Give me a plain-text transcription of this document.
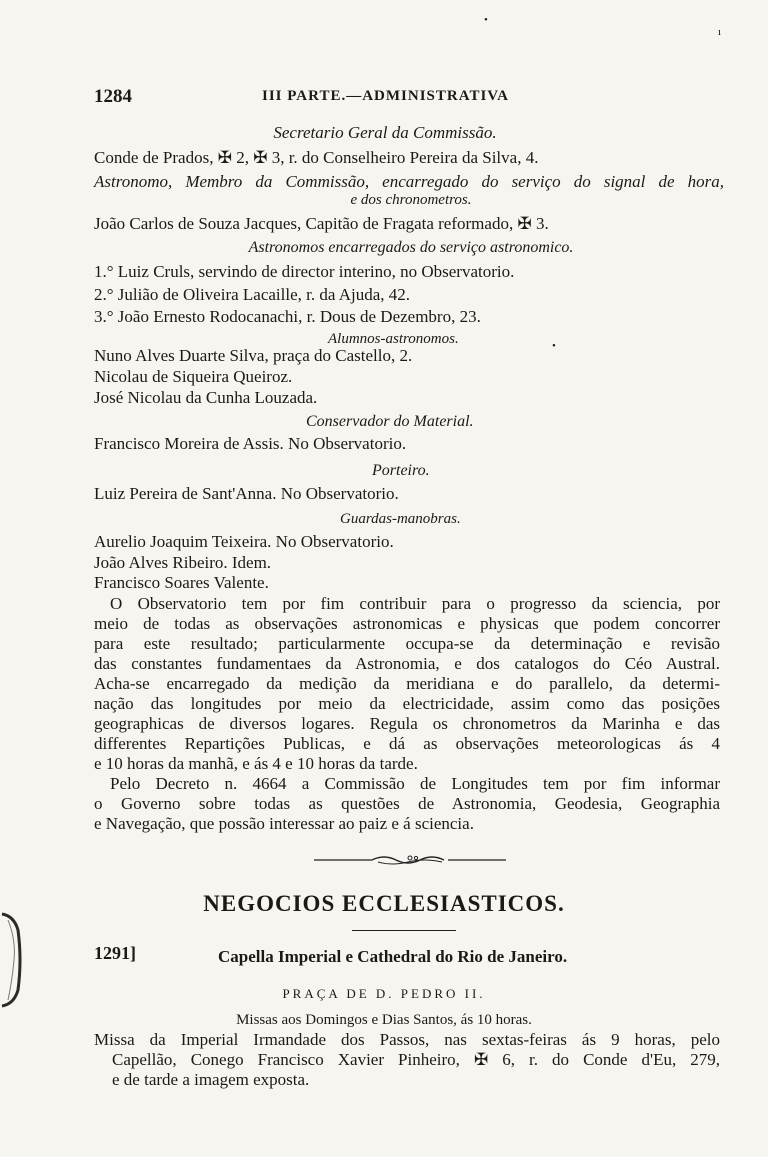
•
ı
1284	III PARTE.—ADMINISTRATIVA
Secretario Geral da Commissão.
Conde de Prados, ✠ 2, ✠ 3, r. do Conselheiro Pereira da Silva, 4.
Astronomo, Membro da Commissão, encarregado do serviço do signal de hora,
e dos chronometros.
João Carlos de Souza Jacques, Capitão de Fragata reformado, ✠ 3.
Astronomos encarregados do serviço astronomico.
1.° Luiz Cruls, servindo de director interino, no Observatorio.
2.° Julião de Oliveira Lacaille, r. da Ajuda, 42.
3.° João Ernesto Rodocanachi, r. Dous de Dezembro, 23.
Alumnos-astronomos.	•
Nuno Alves Duarte Silva, praça do Castello, 2.
Nicolau de Siqueira Queiroz.
José Nicolau da Cunha Louzada.
Conservador do Material.
Francisco Moreira de Assis. No Observatorio.
Porteiro.
Luiz Pereira de Sant'Anna. No Observatorio.
Guardas-manobras.
Aurelio Joaquim Teixeira. No Observatorio.
João Alves Ribeiro. Idem.
Francisco Soares Valente.
O Observatorio tem por fim contribuir para o progresso da sciencia, por
meio de todas as observações astronomicas e physicas que podem concorrer
para este resultado; particularmente occupa-se da determinação e revisão
das constantes fundamentaes da Astronomia, e dos catalogos do Céo Austral.
Acha-se encarregado da medição da meridiana e do parallelo, da determi-
nação das longitudes por meio da electricidade, assim como das posições
geographicas de diversos logares. Regula os chronometros da Marinha e das
differentes Repartições Publicas, e dá as observações meteorologicas ás 4
e 10 horas da manhã, e ás 4 e 10 horas da tarde.
Pelo Decreto n. 4664 a Commissão de Longitudes tem por fim informar
o Governo sobre todas as questões de Astronomia, Geodesia, Geographia
e Navegação, que possão interessar ao paiz e á sciencia.
NEGOCIOS ECCLESIASTICOS.
1291]	Capella Imperial e Cathedral do Rio de Janeiro.
PRAÇA DE D. PEDRO II.
Missas aos Domingos e Dias Santos, ás 10 horas.
Missa da Imperial Irmandade dos Passos, nas sextas-feiras ás 9 horas, pelo
Capellão, Conego Francisco Xavier Pinheiro, ✠ 6, r. do Conde d'Eu, 279,
e de tarde a imagem exposta.
